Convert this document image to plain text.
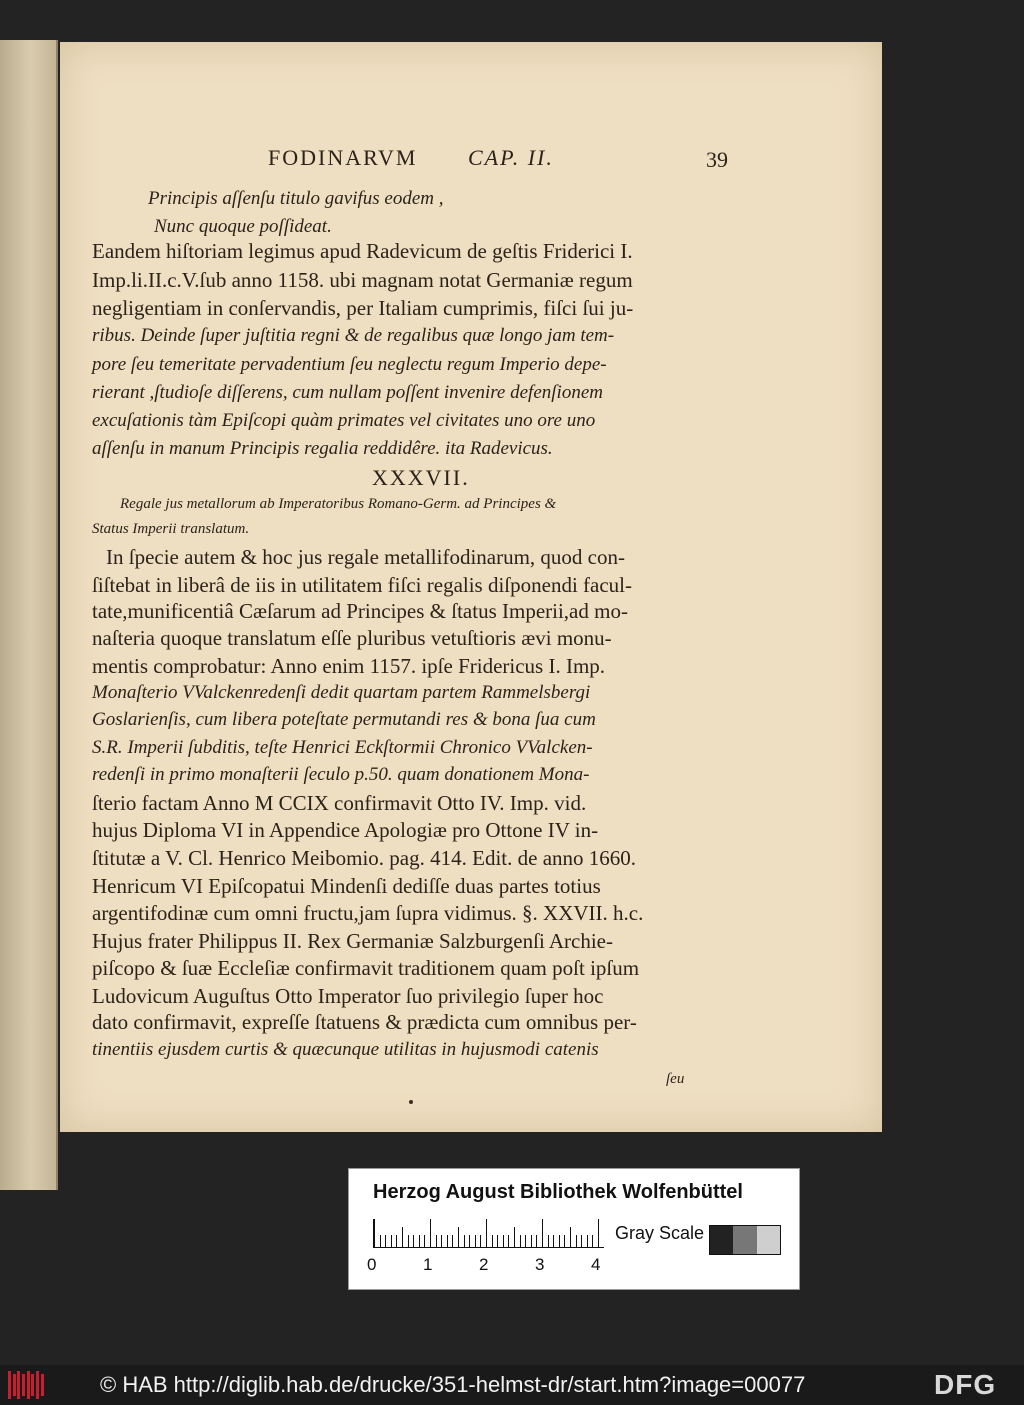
FODINARVM CAP. II.	39
Principis aſſenſu titulo gavifus eodem ,
Nunc quoque poſſideat.
Eandem hiſtoriam legimus apud Radevicum de geſtis Friderici I.
Imp.li.II.c.V.ſub anno 1158. ubi magnam notat Germaniæ regum
negligentiam in conſervandis, per Italiam cumprimis, fiſci ſui ju-
ribus. Deinde ſuper juſtitia regni & de regalibus quæ longo jam tem-
pore ſeu temeritate pervadentium ſeu neglectu regum Imperio depe-
rierant ,ſtudioſe diſſerens, cum nullam poſſent invenire defenſionem
excuſationis tàm Epiſcopi quàm primates vel civitates uno ore uno
aſſenſu in manum Principis regalia reddidêre. ita Radevicus.
XXXVII.
Regale jus metallorum ab Imperatoribus Romano-Germ. ad Principes &
Status Imperii translatum.
In ſpecie autem & hoc jus regale metallifodinarum, quod con-
ſiſtebat in liberâ de iis in utilitatem fiſci regalis diſponendi facul-
tate,munificentiâ Cæſarum ad Principes & ſtatus Imperii,ad mo-
naſteria quoque translatum eſſe pluribus vetuſtioris ævi monu-
mentis comprobatur: Anno enim 1157. ipſe Fridericus I. Imp.
Monaſterio VValckenredenſi dedit quartam partem Rammelsbergi
Goslarienſis, cum libera poteſtate permutandi res & bona ſua cum
S.R. Imperii ſubditis, teſte Henrici Eckſtormii Chronico VValcken-
redenſi in primo monaſterii ſeculo p.50. quam donationem Mona-
ſterio factam Anno M CCIX confirmavit Otto IV. Imp. vid.
hujus Diploma VI in Appendice Apologiæ pro Ottone IV in-
ſtitutæ a V. Cl. Henrico Meibomio. pag. 414. Edit. de anno 1660.
Henricum VI Epiſcopatui Mindenſi dediſſe duas partes totius
argentifodinæ cum omni fructu,jam ſupra vidimus. §. XXVII. h.c.
Hujus frater Philippus II. Rex Germaniæ Salzburgenſi Archie-
piſcopo & ſuæ Eccleſiæ confirmavit traditionem quam poſt ipſum
Ludovicum Auguſtus Otto Imperator ſuo privilegio ſuper hoc
dato confirmavit, expreſſe ſtatuens & prædicta cum omnibus per-
tinentiis ejusdem curtis & quæcunque utilitas in hujusmodi catenis
ſeu
Herzog August Bibliothek Wolfenbüttel
0	1	2	3	4
Gray Scale
© HAB http://diglib.hab.de/drucke/351-helmst-dr/start.htm?image=00077	DFG
